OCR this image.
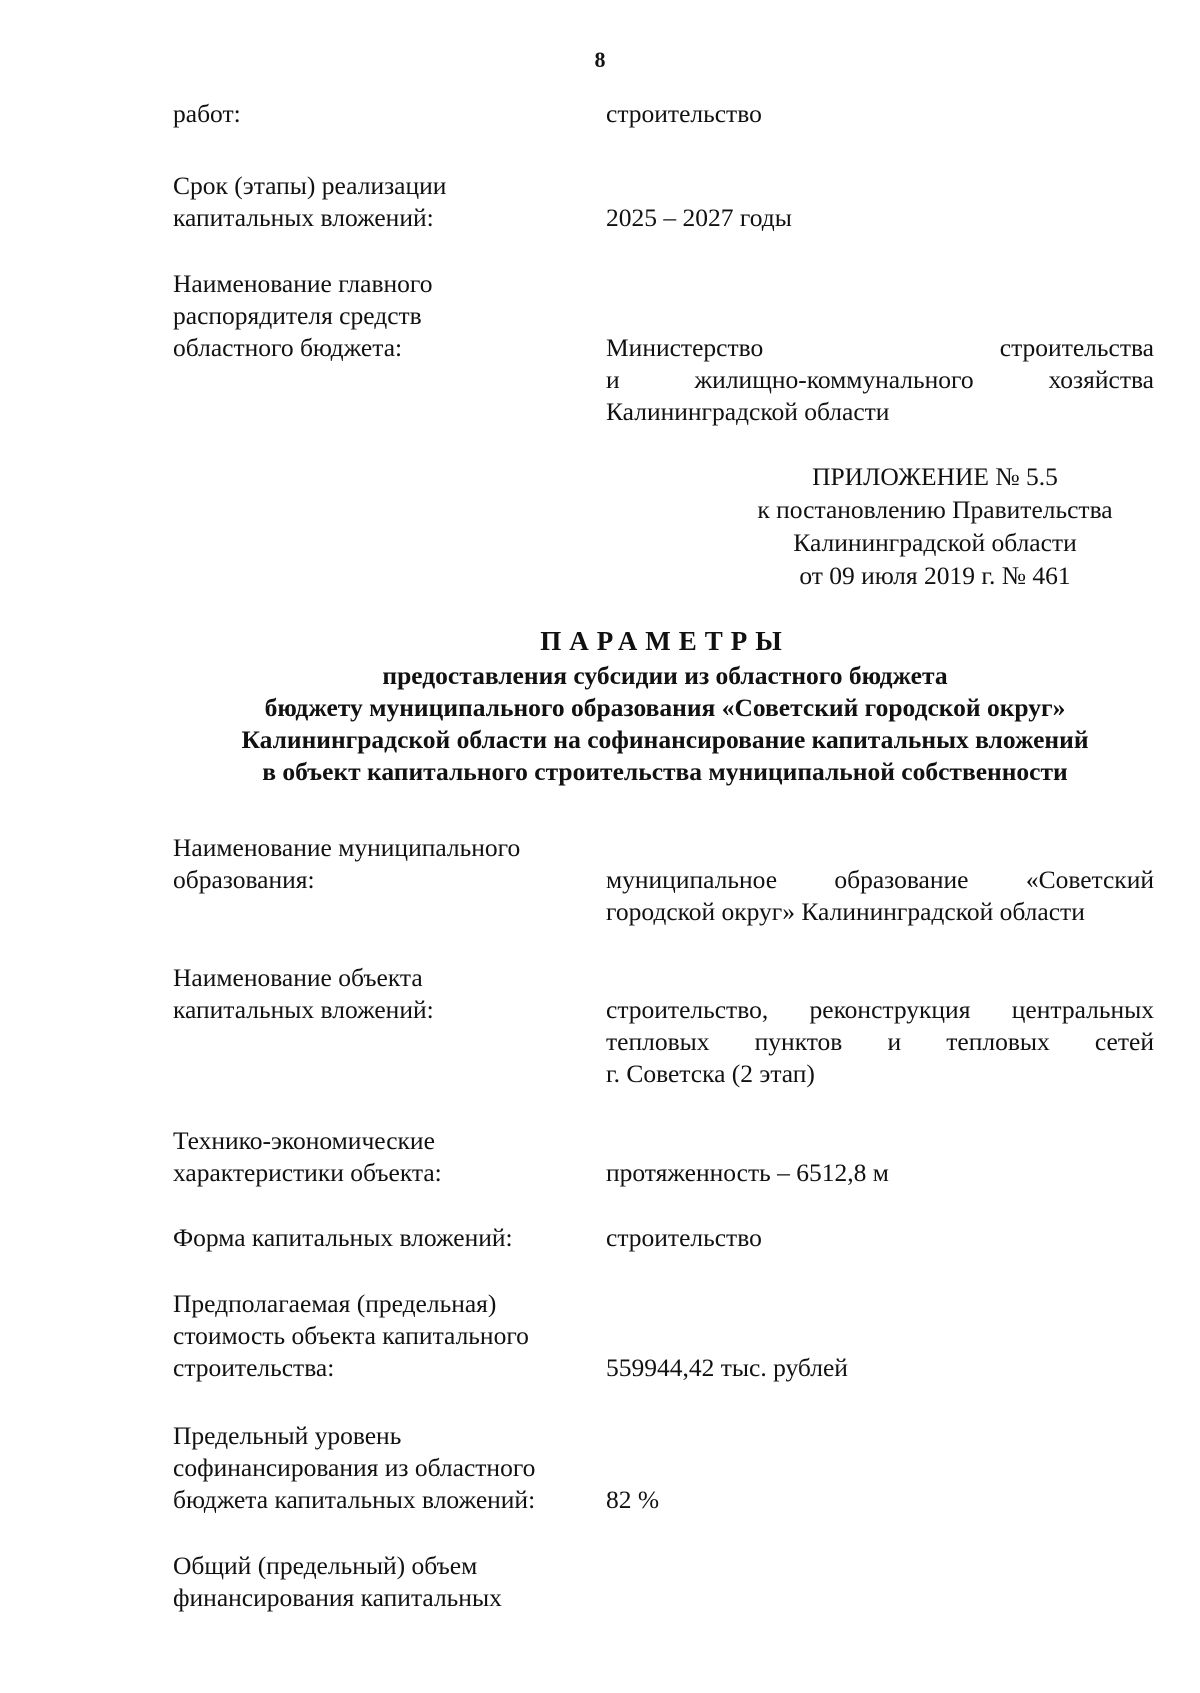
8
работ:	строительство
Срок (этапы) реализации
капитальных вложений:	2025 – 2027 годы
Наименование главного
распорядителя средств
областного бюджета:	Министерство строительства
и жилищно-коммунального хозяйства
Калининградской области
ПРИЛОЖЕНИЕ № 5.5
к постановлению Правительства
Калининградской области
от 09 июля 2019 г. № 461
ПАРАМЕТРЫ
предоставления субсидии из областного бюджета
бюджету муниципального образования «Советский городской округ»
Калининградской области на софинансирование капитальных вложений
в объект капитального строительства муниципальной собственности
Наименование муниципального
образования:	муниципальное образование «Советский
городской округ» Калининградской области
Наименование объекта
капитальных вложений:	строительство, реконструкция центральных
тепловых пунктов и тепловых сетей
г. Советска (2 этап)
Технико-экономические
характеристики объекта:	протяженность – 6512,8 м
Форма капитальных вложений:	строительство
Предполагаемая (предельная)
стоимость объекта капитального
строительства:	559944,42 тыс. рублей
Предельный уровень
софинансирования из областного
бюджета капитальных вложений:	82 %
Общий (предельный) объем
финансирования капитальных
